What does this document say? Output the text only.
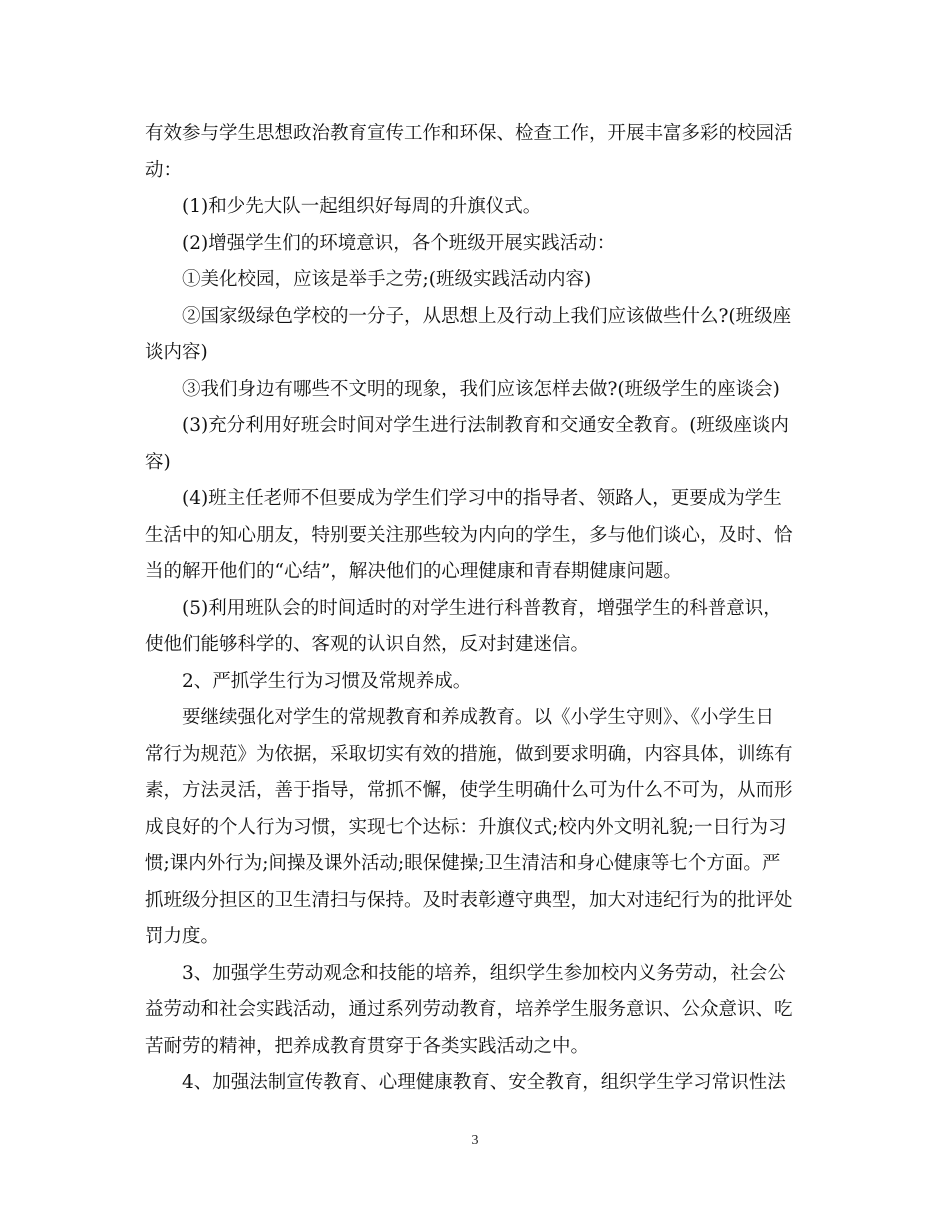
有效参与学生思想政治教育宣传工作和环保、检查工作，开展丰富多彩的校园活
动：
(1)和少先大队一起组织好每周的升旗仪式。
(2)增强学生们的环境意识，各个班级开展实践活动：
①美化校园，应该是举手之劳;(班级实践活动内容)
②国家级绿色学校的一分子，从思想上及行动上我们应该做些什么?(班级座
谈内容)
③我们身边有哪些不文明的现象，我们应该怎样去做?(班级学生的座谈会)
(3)充分利用好班会时间对学生进行法制教育和交通安全教育。(班级座谈内
容)
(4)班主任老师不但要成为学生们学习中的指导者、领路人，更要成为学生
生活中的知心朋友，特别要关注那些较为内向的学生，多与他们谈心，及时、恰
当的解开他们的“心结”，解决他们的心理健康和青春期健康问题。
(5)利用班队会的时间适时的对学生进行科普教育，增强学生的科普意识，
使他们能够科学的、客观的认识自然，反对封建迷信。
2、严抓学生行为习惯及常规养成。
要继续强化对学生的常规教育和养成教育。以《小学生守则》、《小学生日
常行为规范》为依据，采取切实有效的措施，做到要求明确，内容具体，训练有
素，方法灵活，善于指导，常抓不懈，使学生明确什么可为什么不可为，从而形
成良好的个人行为习惯，实现七个达标：升旗仪式;校内外文明礼貌;一日行为习
惯;课内外行为;间操及课外活动;眼保健操;卫生清洁和身心健康等七个方面。严
抓班级分担区的卫生清扫与保持。及时表彰遵守典型，加大对违纪行为的批评处
罚力度。
3、加强学生劳动观念和技能的培养，组织学生参加校内义务劳动，社会公
益劳动和社会实践活动，通过系列劳动教育，培养学生服务意识、公众意识、吃
苦耐劳的精神，把养成教育贯穿于各类实践活动之中。
4、加强法制宣传教育、心理健康教育、安全教育，组织学生学习常识性法
3
